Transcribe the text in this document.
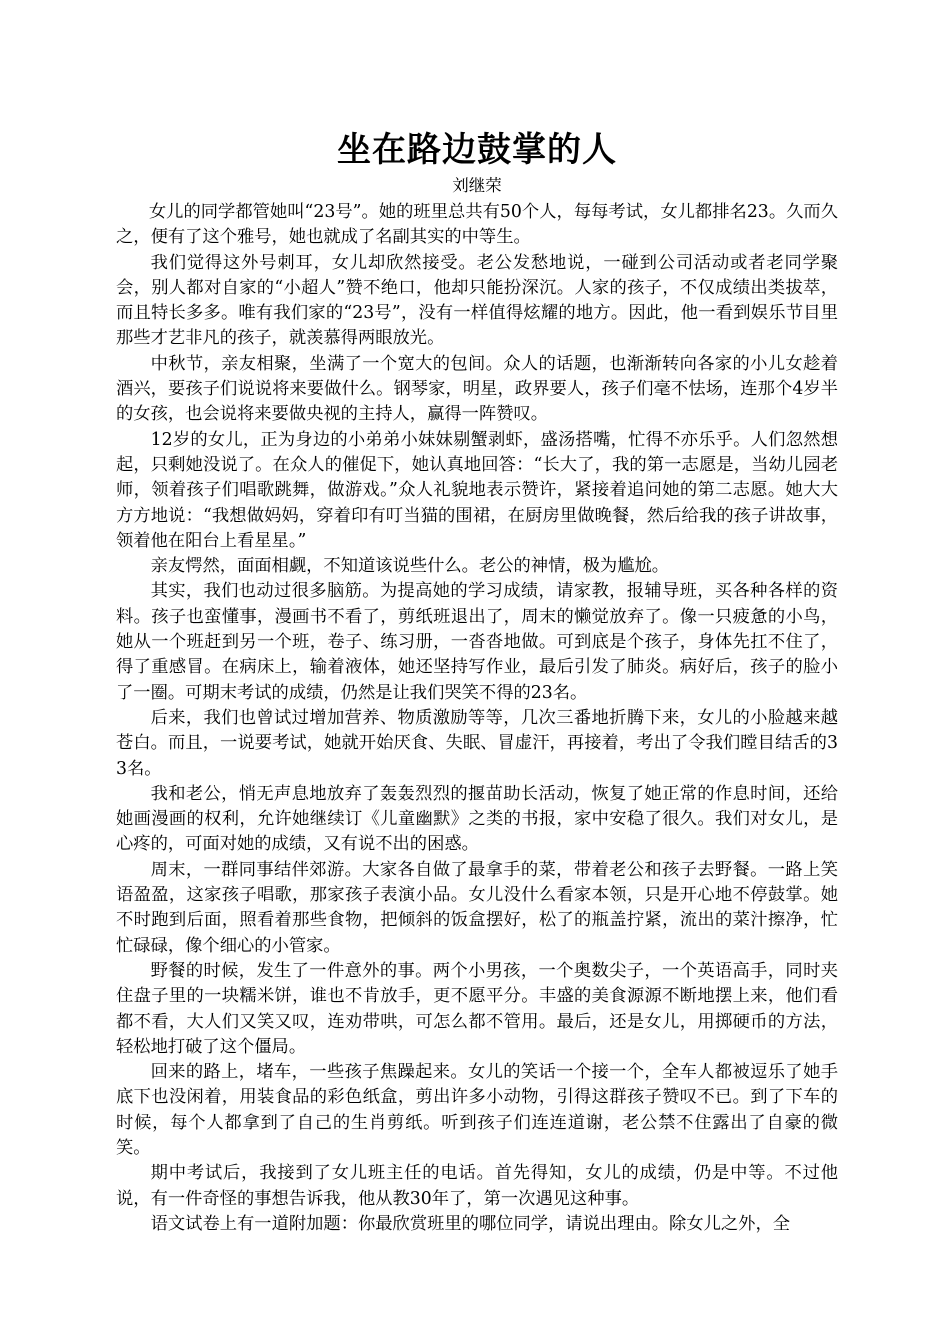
坐在路边鼓掌的人

刘继荣

女儿的同学都管她叫“23号”。她的班里总共有50个人，每每考试，女儿都排名23。久而久之，便有了这个雅号，她也就成了名副其实的中等生。

我们觉得这外号刺耳，女儿却欣然接受。老公发愁地说，一碰到公司活动或者老同学聚会，别人都对自家的“小超人”赞不绝口，他却只能扮深沉。人家的孩子，不仅成绩出类拔萃，而且特长多多。唯有我们家的“23号”，没有一样值得炫耀的地方。因此，他一看到娱乐节目里那些才艺非凡的孩子，就羡慕得两眼放光。

中秋节，亲友相聚，坐满了一个宽大的包间。众人的话题，也渐渐转向各家的小儿女趁着酒兴，要孩子们说说将来要做什么。钢琴家，明星，政界要人，孩子们毫不怯场，连那个4岁半的女孩，也会说将来要做央视的主持人，赢得一阵赞叹。

12岁的女儿，正为身边的小弟弟小妹妹剔蟹剥虾，盛汤搭嘴，忙得不亦乐乎。人们忽然想起，只剩她没说了。在众人的催促下，她认真地回答：“长大了，我的第一志愿是，当幼儿园老师，领着孩子们唱歌跳舞，做游戏。”众人礼貌地表示赞许，紧接着追问她的第二志愿。她大大方方地说：“我想做妈妈，穿着印有叮当猫的围裙，在厨房里做晚餐，然后给我的孩子讲故事，领着他在阳台上看星星。”

亲友愕然，面面相觑，不知道该说些什么。老公的神情，极为尴尬。

其实，我们也动过很多脑筋。为提高她的学习成绩，请家教，报辅导班，买各种各样的资料。孩子也蛮懂事，漫画书不看了，剪纸班退出了，周末的懒觉放弃了。像一只疲惫的小鸟，她从一个班赶到另一个班，卷子、练习册，一沓沓地做。可到底是个孩子，身体先扛不住了，得了重感冒。在病床上，输着液体，她还坚持写作业，最后引发了肺炎。病好后，孩子的脸小了一圈。可期末考试的成绩，仍然是让我们哭笑不得的23名。

后来，我们也曾试过增加营养、物质激励等等，几次三番地折腾下来，女儿的小脸越来越苍白。而且，一说要考试，她就开始厌食、失眠、冒虚汗，再接着，考出了令我们瞠目结舌的33名。

我和老公，悄无声息地放弃了轰轰烈烈的揠苗助长活动，恢复了她正常的作息时间，还给她画漫画的权利，允许她继续订《儿童幽默》之类的书报，家中安稳了很久。我们对女儿，是心疼的，可面对她的成绩，又有说不出的困惑。

周末，一群同事结伴郊游。大家各自做了最拿手的菜，带着老公和孩子去野餐。一路上笑语盈盈，这家孩子唱歌，那家孩子表演小品。女儿没什么看家本领，只是开心地不停鼓掌。她不时跑到后面，照看着那些食物，把倾斜的饭盒摆好，松了的瓶盖拧紧，流出的菜汁擦净，忙忙碌碌，像个细心的小管家。

野餐的时候，发生了一件意外的事。两个小男孩，一个奥数尖子，一个英语高手，同时夹住盘子里的一块糯米饼，谁也不肯放手，更不愿平分。丰盛的美食源源不断地摆上来，他们看都不看，大人们又笑又叹，连劝带哄，可怎么都不管用。最后，还是女儿，用掷硬币的方法，轻松地打破了这个僵局。

回来的路上，堵车，一些孩子焦躁起来。女儿的笑话一个接一个，全车人都被逗乐了她手底下也没闲着，用装食品的彩色纸盒，剪出许多小动物，引得这群孩子赞叹不已。到了下车的时候，每个人都拿到了自己的生肖剪纸。听到孩子们连连道谢，老公禁不住露出了自豪的微笑。

期中考试后，我接到了女儿班主任的电话。首先得知，女儿的成绩，仍是中等。不过他说，有一件奇怪的事想告诉我，他从教30年了，第一次遇见这种事。

语文试卷上有一道附加题：你最欣赏班里的哪位同学，请说出理由。除女儿之外，全
